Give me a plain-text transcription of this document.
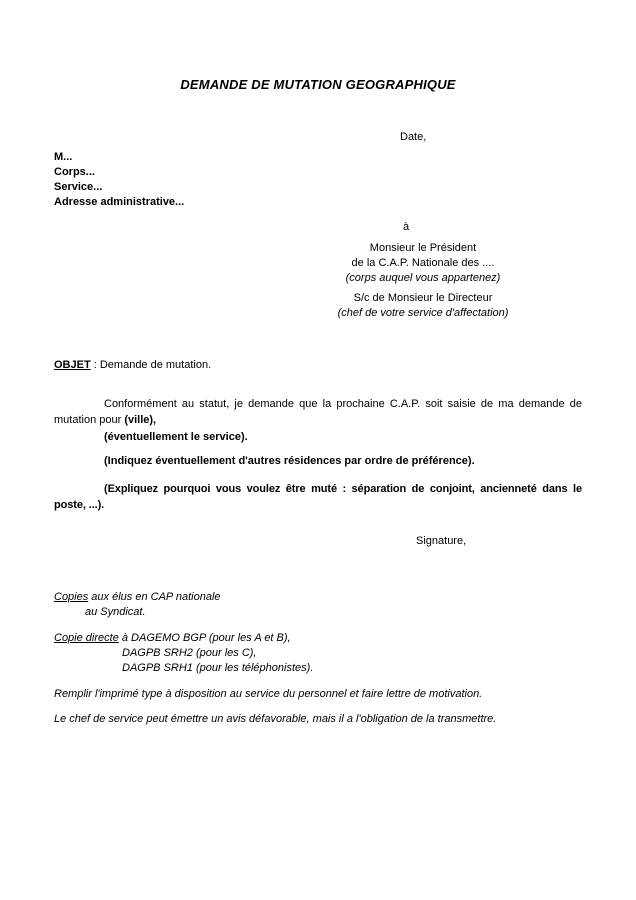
DEMANDE DE MUTATION GEOGRAPHIQUE
Date,
M...
Corps...
Service...
Adresse administrative...
à
Monsieur le Président
de la C.A.P. Nationale des ....
(corps auquel vous appartenez)
S/c de Monsieur le Directeur
(chef de votre service d'affectation)
OBJET : Demande de mutation.
Conformément au statut, je demande que la prochaine C.A.P. soit saisie de ma demande de mutation pour (ville),
(éventuellement le service).
(Indiquez éventuellement d'autres résidences par ordre de préférence).
(Expliquez pourquoi vous voulez être muté : séparation de conjoint, ancienneté dans le poste, ...).
Signature,
Copies aux élus en CAP nationale
au Syndicat.
Copie directe à DAGEMO BGP (pour les A et B),
DAGPB SRH2 (pour les C),
DAGPB SRH1 (pour les téléphonistes).
Remplir l'imprimé type à disposition au service du personnel et faire lettre de motivation.
Le chef de service peut émettre un avis défavorable, mais il a l'obligation de la transmettre.
